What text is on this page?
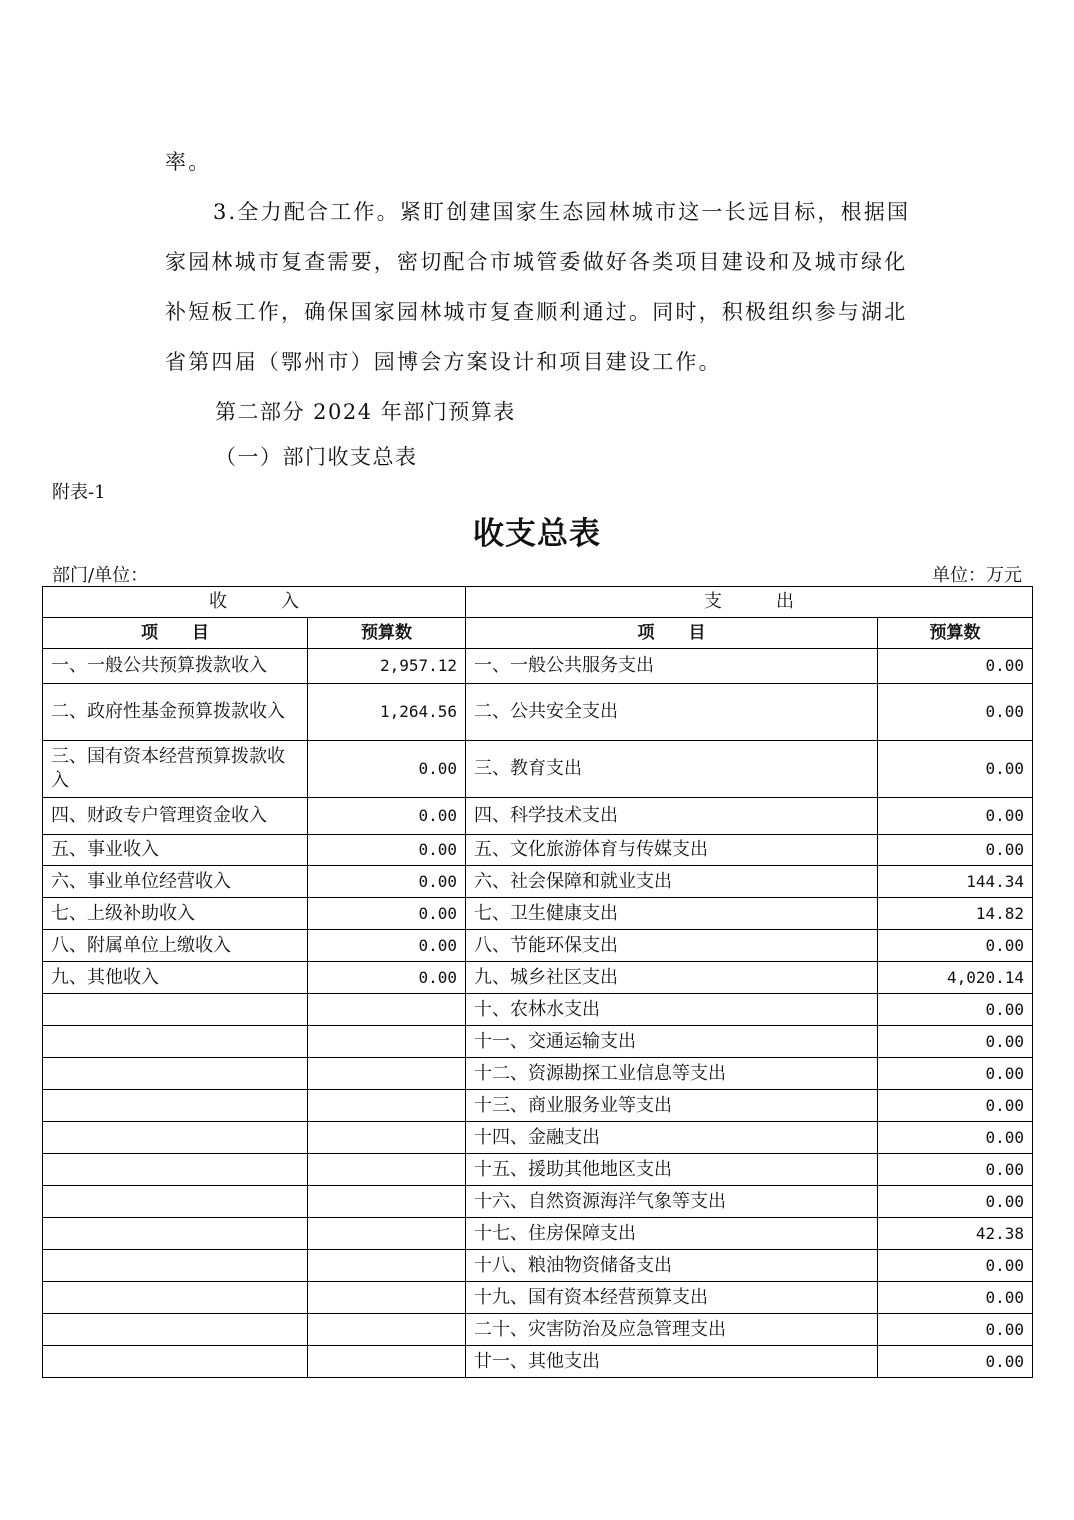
率。

3.全力配合工作。紧盯创建国家生态园林城市这一长远目标，根据国家园林城市复查需要，密切配合市城管委做好各类项目建设和及城市绿化补短板工作，确保国家园林城市复查顺利通过。同时，积极组织参与湖北省第四届（鄂州市）园博会方案设计和项目建设工作。

第二部分 2024 年部门预算表

（一）部门收支总表

附表-1
收支总表
部门/单位：	单位：万元
收　　　入		支　　　出	
项　　目	预算数	项　　目	预算数
一、一般公共预算拨款收入	2,957.12	一、一般公共服务支出	0.00
二、政府性基金预算拨款收入	1,264.56	二、公共安全支出	0.00
三、国有资本经营预算拨款收入	0.00	三、教育支出	0.00
四、财政专户管理资金收入	0.00	四、科学技术支出	0.00
五、事业收入	0.00	五、文化旅游体育与传媒支出	0.00
六、事业单位经营收入	0.00	六、社会保障和就业支出	144.34
七、上级补助收入	0.00	七、卫生健康支出	14.82
八、附属单位上缴收入	0.00	八、节能环保支出	0.00
九、其他收入	0.00	九、城乡社区支出	4,020.14
		十、农林水支出	0.00
		十一、交通运输支出	0.00
		十二、资源勘探工业信息等支出	0.00
		十三、商业服务业等支出	0.00
		十四、金融支出	0.00
		十五、援助其他地区支出	0.00
		十六、自然资源海洋气象等支出	0.00
		十七、住房保障支出	42.38
		十八、粮油物资储备支出	0.00
		十九、国有资本经营预算支出	0.00
		二十、灾害防治及应急管理支出	0.00
		廿一、其他支出	0.00
